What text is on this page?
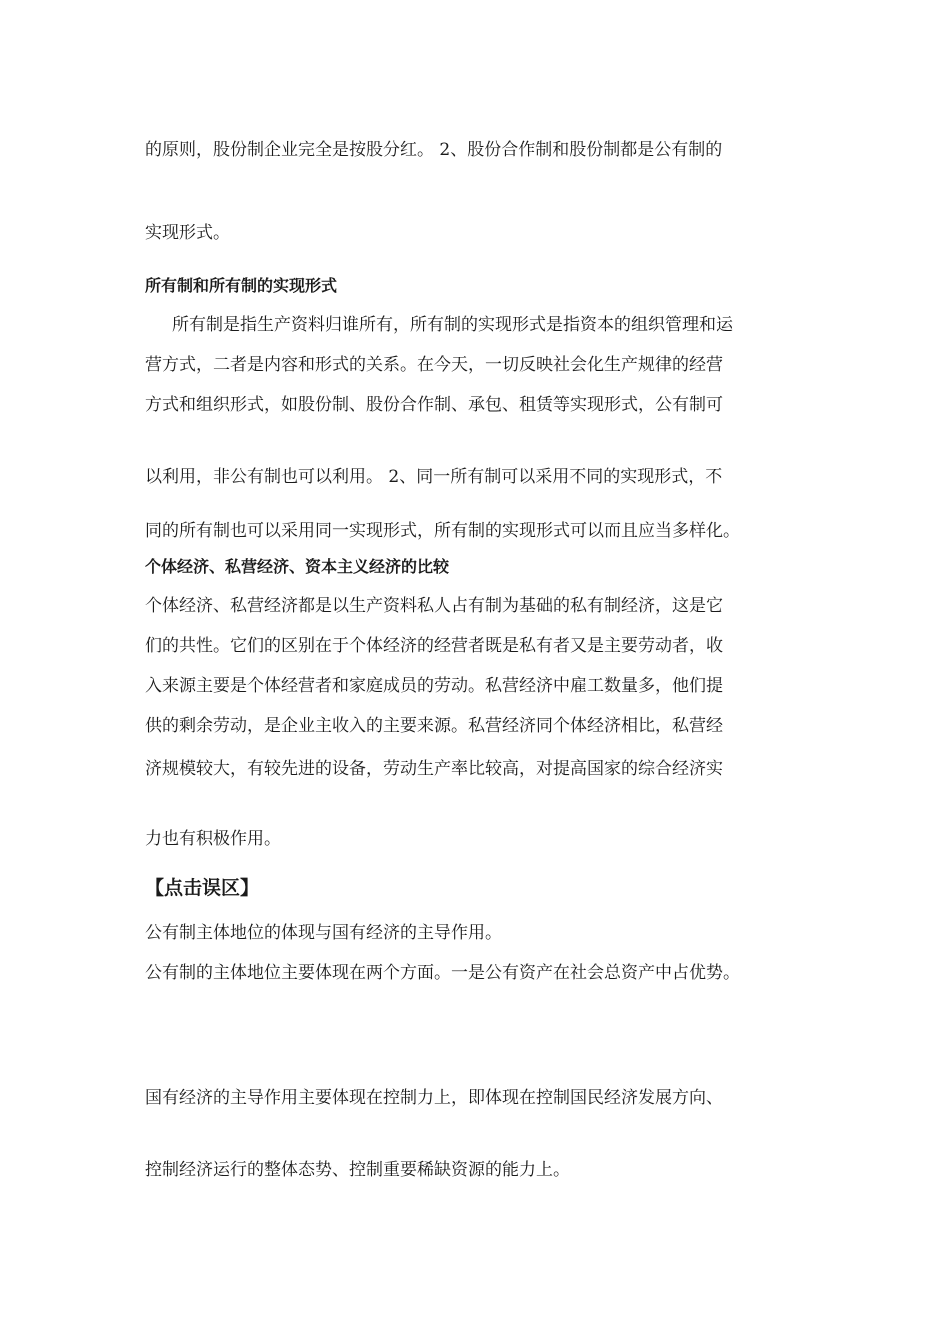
的原则，股份制企业完全是按股分红。 2、股份合作制和股份制都是公有制的
实现形式。
所有制和所有制的实现形式
所有制是指生产资料归谁所有，所有制的实现形式是指资本的组织管理和运
营方式，二者是内容和形式的关系。在今天，一切反映社会化生产规律的经营
方式和组织形式，如股份制、股份合作制、承包、租赁等实现形式，公有制可
以利用，非公有制也可以利用。 2、同一所有制可以采用不同的实现形式，不
同的所有制也可以采用同一实现形式，所有制的实现形式可以而且应当多样化。
个体经济、私营经济、资本主义经济的比较
个体经济、私营经济都是以生产资料私人占有制为基础的私有制经济，这是它
们的共性。它们的区别在于个体经济的经营者既是私有者又是主要劳动者，收
入来源主要是个体经营者和家庭成员的劳动。私营经济中雇工数量多，他们提
供的剩余劳动，是企业主收入的主要来源。私营经济同个体经济相比，私营经
济规模较大，有较先进的设备，劳动生产率比较高，对提高国家的综合经济实
力也有积极作用。
【点击误区】
公有制主体地位的体现与国有经济的主导作用。
公有制的主体地位主要体现在两个方面。一是公有资产在社会总资产中占优势。
国有经济的主导作用主要体现在控制力上，即体现在控制国民经济发展方向、
控制经济运行的整体态势、控制重要稀缺资源的能力上。
